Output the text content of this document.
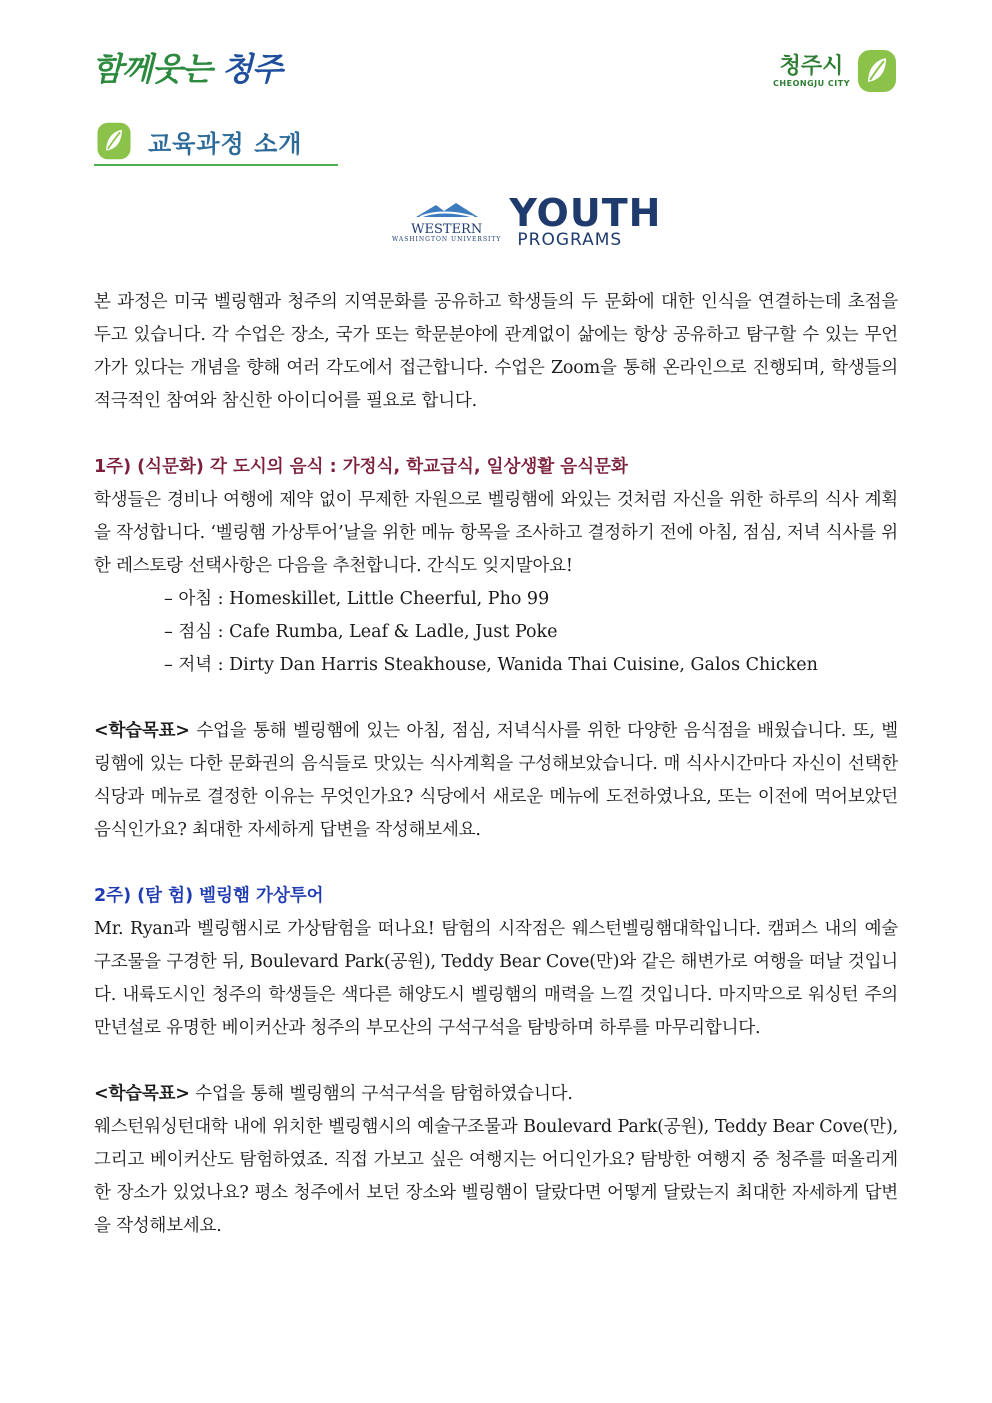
함께웃는 청주	청주시
CHEONGJU CITY
교육과정 소개
WESTERN
WASHINGTON UNIVERSITY
YOUTH
PROGRAMS

본 과정은 미국 벨링햄과 청주의 지역문화를 공유하고 학생들의 두 문화에 대한 인식을 연결하는데 초점을 두고 있습니다. 각 수업은 장소, 국가 또는 학문분야에 관계없이 삶에는 항상 공유하고 탐구할 수 있는 무언가가 있다는 개념을 향해 여러 각도에서 접근합니다. 수업은 Zoom을 통해 온라인으로 진행되며, 학생들의 적극적인 참여와 참신한 아이디어를 필요로 합니다.

1주) (식문화) 각 도시의 음식 : 가정식, 학교급식, 일상생활 음식문화

학생들은 경비나 여행에 제약 없이 무제한 자원으로 벨링햄에 와있는 것처럼 자신을 위한 하루의 식사 계획을 작성합니다. ‘벨링햄 가상투어’날을 위한 메뉴 항목을 조사하고 결정하기 전에 아침, 점심, 저녁 식사를 위한 레스토랑 선택사항은 다음을 추천합니다. 간식도 잊지말아요!

– 아침 : Homeskillet, Little Cheerful, Pho 99
– 점심 : Cafe Rumba, Leaf & Ladle, Just Poke
– 저녁 : Dirty Dan Harris Steakhouse, Wanida Thai Cuisine, Galos Chicken

<학습목표> 수업을 통해 벨링햄에 있는 아침, 점심, 저녁식사를 위한 다양한 음식점을 배웠습니다. 또, 벨링햄에 있는 다한 문화권의 음식들로 맛있는 식사계획을 구성해보았습니다. 매 식사시간마다 자신이 선택한 식당과 메뉴로 결정한 이유는 무엇인가요? 식당에서 새로운 메뉴에 도전하였나요, 또는 이전에 먹어보았던 음식인가요? 최대한 자세하게 답변을 작성해보세요.

2주) (탐 험) 벨링햄 가상투어

Mr. Ryan과 벨링햄시로 가상탐험을 떠나요! 탐험의 시작점은 웨스턴벨링햄대학입니다. 캠퍼스 내의 예술 구조물을 구경한 뒤, Boulevard Park(공원), Teddy Bear Cove(만)와 같은 해변가로 여행을 떠날 것입니다. 내륙도시인 청주의 학생들은 색다른 해양도시 벨링햄의 매력을 느낄 것입니다. 마지막으로 워싱턴 주의 만년설로 유명한 베이커산과 청주의 부모산의 구석구석을 탐방하며 하루를 마무리합니다.

<학습목표> 수업을 통해 벨링햄의 구석구석을 탐험하였습니다.

웨스턴워싱턴대학 내에 위치한 벨링햄시의 예술구조물과 Boulevard Park(공원), Teddy Bear Cove(만), 그리고 베이커산도 탐험하였죠. 직접 가보고 싶은 여행지는 어디인가요? 탐방한 여행지 중 청주를 떠올리게 한 장소가 있었나요? 평소 청주에서 보던 장소와 벨링햄이 달랐다면 어떻게 달랐는지 최대한 자세하게 답변을 작성해보세요.
